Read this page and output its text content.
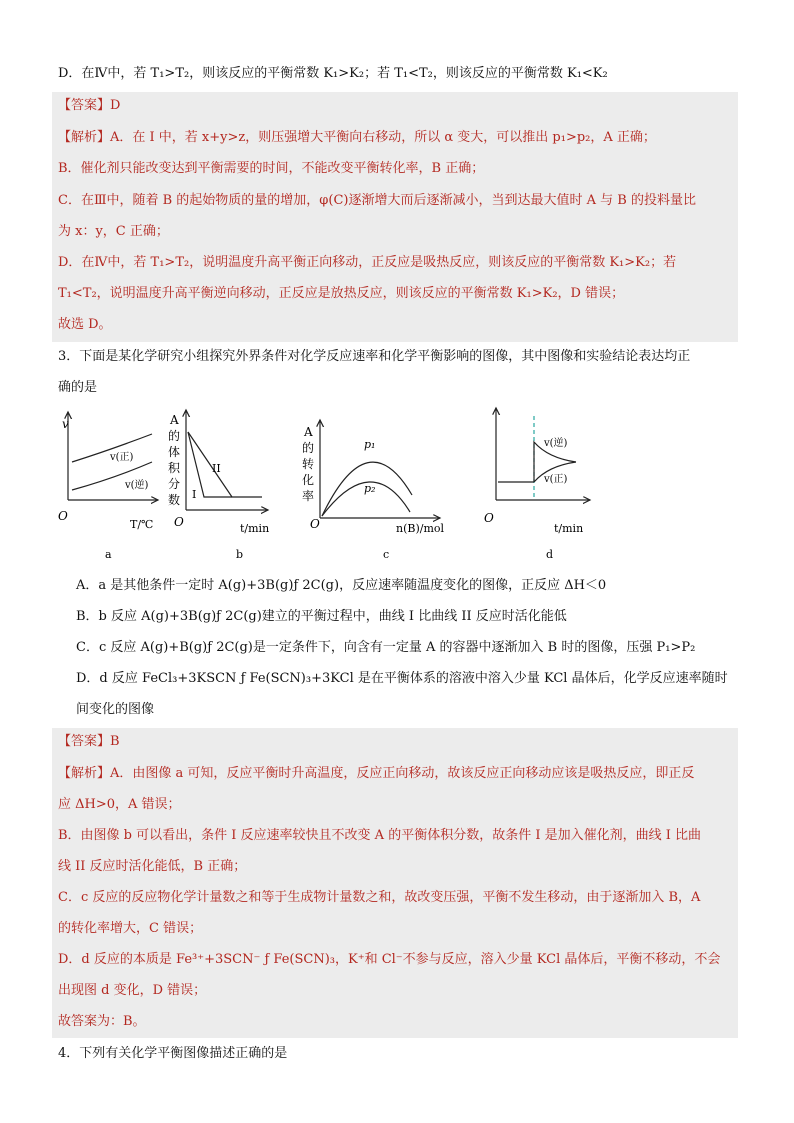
D．在Ⅳ中，若 T₁>T₂，则该反应的平衡常数 K₁>K₂；若 T₁<T₂，则该反应的平衡常数 K₁<K₂
【答案】D
【解析】A．在 I 中，若 x+y>z，则压强增大平衡向右移动，所以 α 变大，可以推出 p₁>p₂，A 正确；
B．催化剂只能改变达到平衡需要的时间，不能改变平衡转化率，B 正确；
C．在Ⅲ中，随着 B 的起始物质的量的增加，φ(C)逐渐增大而后逐渐减小，当到达最大值时 A 与 B 的投料量比
为 x：y，C 正确；
D．在Ⅳ中，若 T₁>T₂，说明温度升高平衡正向移动，正反应是吸热反应，则该反应的平衡常数 K₁>K₂；若
T₁<T₂，说明温度升高平衡逆向移动，正反应是放热反应，则该反应的平衡常数 K₁>K₂，D 错误；
故选 D。
3．下面是某化学研究小组探究外界条件对化学反应速率和化学平衡影响的图像，其中图像和实验结论表达均正
确的是
v
O
T/℃
v(正)
v(逆)
a
A
的
体
积
分
数
O	t/min
II
I
b
A
的
转
化
率
O	n(B)/mol
p₁
p₂
c
v(逆)
v(正)
O
t/min
d
A．a 是其他条件一定时 A(g)+3B(g)ƒ 2C(g)，反应速率随温度变化的图像，正反应 ΔH＜0
B．b 反应 A(g)+3B(g)ƒ 2C(g)建立的平衡过程中，曲线 I 比曲线 II 反应时活化能低
C．c 反应 A(g)+B(g)ƒ 2C(g)是一定条件下，向含有一定量 A 的容器中逐渐加入 B 时的图像，压强 P₁>P₂
D．d 反应 FeCl₃+3KSCN ƒ Fe(SCN)₃+3KCl 是在平衡体系的溶液中溶入少量 KCl 晶体后，化学反应速率随时
间变化的图像
【答案】B
【解析】A．由图像 a 可知，反应平衡时升高温度，反应正向移动，故该反应正向移动应该是吸热反应，即正反
应 ΔH>0，A 错误；
B．由图像 b 可以看出，条件 I 反应速率较快且不改变 A 的平衡体积分数，故条件 I 是加入催化剂，曲线 I 比曲
线 II 反应时活化能低，B 正确；
C．c 反应的反应物化学计量数之和等于生成物计量数之和，故改变压强，平衡不发生移动，由于逐渐加入 B，A
的转化率增大，C 错误；
D．d 反应的本质是 Fe³⁺+3SCN⁻ ƒ Fe(SCN)₃，K⁺和 Cl⁻不参与反应，溶入少量 KCl 晶体后，平衡不移动，不会
出现图 d 变化，D 错误；
故答案为：B。
4．下列有关化学平衡图像描述正确的是
